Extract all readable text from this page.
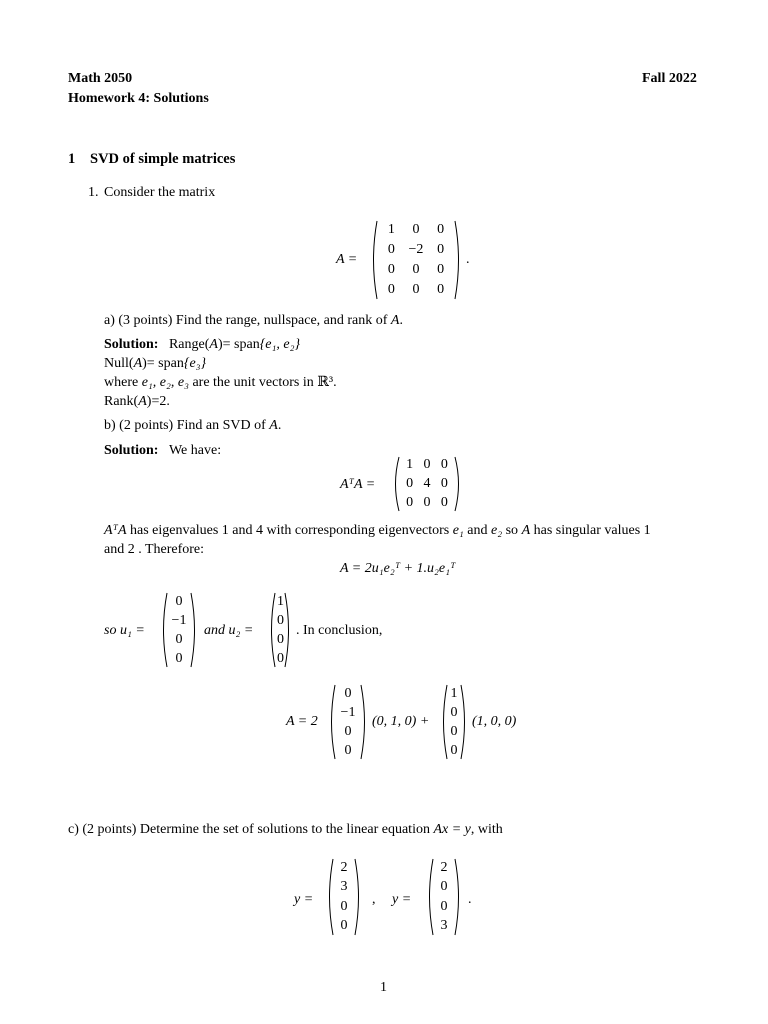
Math 2050	Fall 2022
Homework 4: Solutions
1 SVD of simple matrices
1. Consider the matrix
A =
1	0	0
0 −2 0
0	0	0
0	0	0
.
a) (3 points) Find the range, nullspace, and rank of A.
Solution: Range(A)= span{e₁, e₂}
Null(A)= span{e₃}
where e₁, e₂, e₃ are the unit vectors in ℝ³.
Rank(A)=2.
b) (2 points) Find an SVD of A.
Solution: We have:
AᵀA =
1 0 0
0 4 0
0 0 0
AᵀA has eigenvalues 1 and 4 with corresponding eigenvectors e₁ and e₂ so A has singular values 1
and 2 . Therefore:
A = 2u₁e₂ᵀ + 1.u₂e₁ᵀ
so u₁ =
0
−1
0
0
and u₂ =
1
0
0
0
. In conclusion,
A = 2
0
−1
0
0
(0, 1, 0) +
1
0
0
0
(1, 0, 0)
c) (2 points) Determine the set of solutions to the linear equation Ax = y, with
y =
2
3
0
0
, y =
2
0
0
3
.
1
